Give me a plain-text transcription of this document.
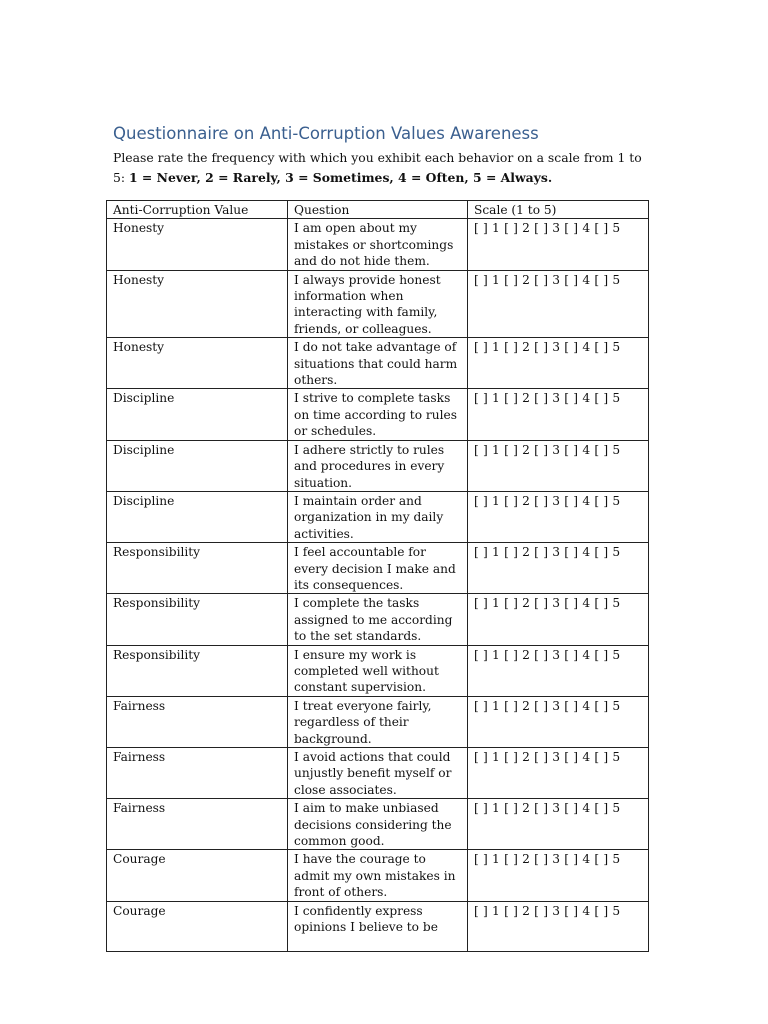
Questionnaire on Anti-Corruption Values Awareness
Please rate the frequency with which you exhibit each behavior on a scale from 1 to 5: 1 = Never, 2 = Rarely, 3 = Sometimes, 4 = Often, 5 = Always.
Anti-Corruption Value	Question	Scale (1 to 5)
Honesty	I am open about my mistakes or shortcomings and do not hide them.	[ ] 1 [ ] 2 [ ] 3 [ ] 4 [ ] 5
Honesty	I always provide honest information when interacting with family, friends, or colleagues.	[ ] 1 [ ] 2 [ ] 3 [ ] 4 [ ] 5
Honesty	I do not take advantage of situations that could harm others.	[ ] 1 [ ] 2 [ ] 3 [ ] 4 [ ] 5
Discipline	I strive to complete tasks on time according to rules or schedules.	[ ] 1 [ ] 2 [ ] 3 [ ] 4 [ ] 5
Discipline	I adhere strictly to rules and procedures in every situation.	[ ] 1 [ ] 2 [ ] 3 [ ] 4 [ ] 5
Discipline	I maintain order and organization in my daily activities.	[ ] 1 [ ] 2 [ ] 3 [ ] 4 [ ] 5
Responsibility	I feel accountable for every decision I make and its consequences.	[ ] 1 [ ] 2 [ ] 3 [ ] 4 [ ] 5
Responsibility	I complete the tasks assigned to me according to the set standards.	[ ] 1 [ ] 2 [ ] 3 [ ] 4 [ ] 5
Responsibility	I ensure my work is completed well without constant supervision.	[ ] 1 [ ] 2 [ ] 3 [ ] 4 [ ] 5
Fairness	I treat everyone fairly, regardless of their background.	[ ] 1 [ ] 2 [ ] 3 [ ] 4 [ ] 5
Fairness	I avoid actions that could unjustly benefit myself or close associates.	[ ] 1 [ ] 2 [ ] 3 [ ] 4 [ ] 5
Fairness	I aim to make unbiased decisions considering the common good.	[ ] 1 [ ] 2 [ ] 3 [ ] 4 [ ] 5
Courage	I have the courage to admit my own mistakes in front of others.	[ ] 1 [ ] 2 [ ] 3 [ ] 4 [ ] 5
Courage	I confidently express opinions I believe to be	[ ] 1 [ ] 2 [ ] 3 [ ] 4 [ ] 5
